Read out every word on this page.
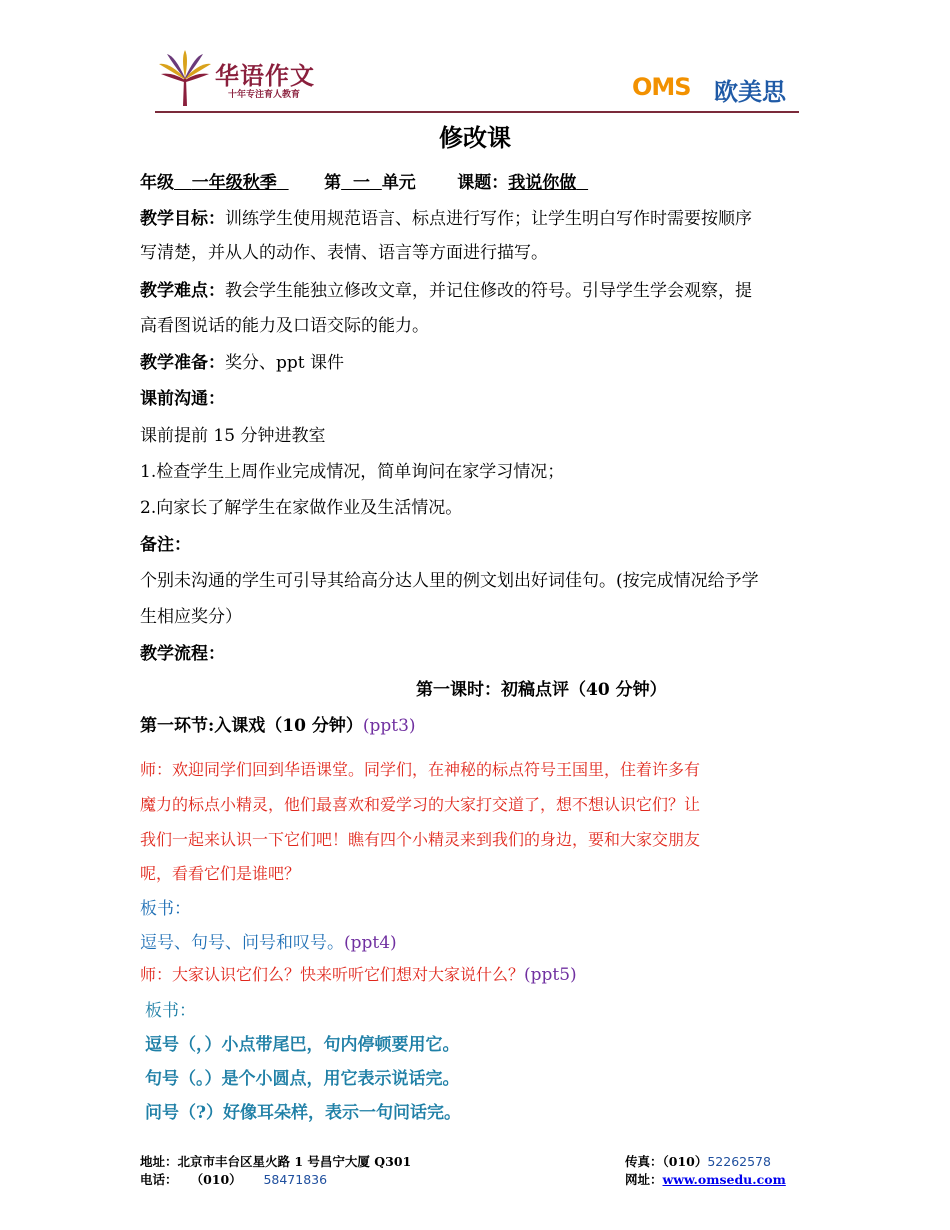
华语作文
十年专注育人教育	OMS 欧美思
修改课
年级 一年级秋季	第 一 单元 课题：我说你做
教学目标：训练学生使用规范语言、标点进行写作；让学生明白写作时需要按顺序
写清楚，并从人的动作、表情、语言等方面进行描写。
教学难点：教会学生能独立修改文章，并记住修改的符号。引导学生学会观察，提
高看图说话的能力及口语交际的能力。
教学准备：奖分、ppt 课件
课前沟通：
课前提前 15 分钟进教室
1.检查学生上周作业完成情况，简单询问在家学习情况；
2.向家长了解学生在家做作业及生活情况。
备注：
个别未沟通的学生可引导其给高分达人里的例文划出好词佳句。(按完成情况给予学
生相应奖分）
教学流程：
第一课时：初稿点评（40 分钟）
第一环节:入课戏（10 分钟）(ppt3)
师：欢迎同学们回到华语课堂。同学们，在神秘的标点符号王国里，住着许多有
魔力的标点小精灵，他们最喜欢和爱学习的大家打交道了，想不想认识它们？让
我们一起来认识一下它们吧！瞧有四个小精灵来到我们的身边，要和大家交朋友
呢，看看它们是谁吧？
板书：
逗号、句号、问号和叹号。(ppt4)
师：大家认识它们么？快来听听它们想对大家说什么？(ppt5)
板书：
逗号（，）小点带尾巴，句内停顿要用它。
句号（。）是个小圆点，用它表示说话完。
问号（?）好像耳朵样，表示一句问话完。
地址：北京市丰台区星火路 1 号昌宁大厦 Q301	传真：（010）52262578
电话： （010） 58471836	网址：www.omsedu.com
